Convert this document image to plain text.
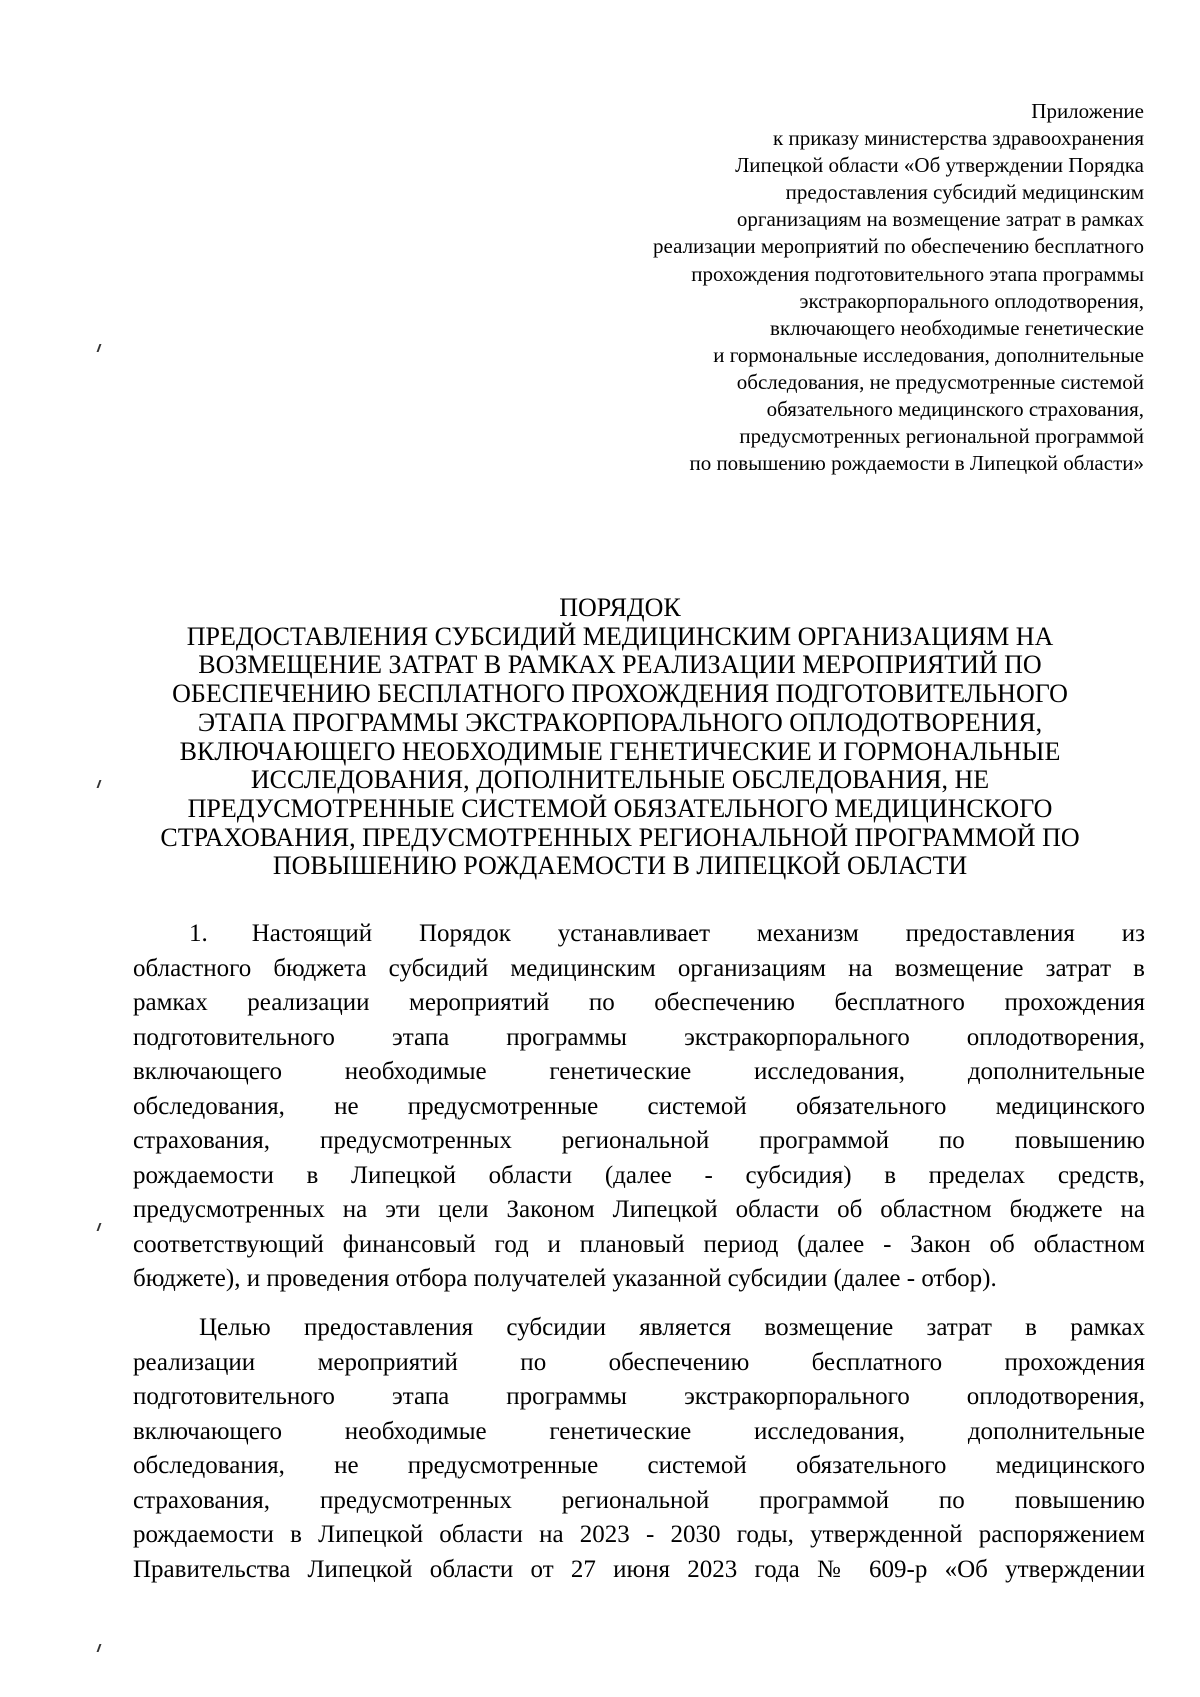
Приложение
к приказу министерства здравоохранения
Липецкой области «Об утверждении Порядка
предоставления субсидий медицинским
организациям на возмещение затрат в рамках
реализации мероприятий по обеспечению бесплатного
прохождения подготовительного этапа программы
экстракорпорального оплодотворения,
включающего необходимые генетические
и гормональные исследования, дополнительные
обследования, не предусмотренные системой
обязательного медицинского страхования,
предусмотренных региональной программой
по повышению рождаемости в Липецкой области»
ПОРЯДОК
ПРЕДОСТАВЛЕНИЯ СУБСИДИЙ МЕДИЦИНСКИМ ОРГАНИЗАЦИЯМ НА
ВОЗМЕЩЕНИЕ ЗАТРАТ В РАМКАХ РЕАЛИЗАЦИИ МЕРОПРИЯТИЙ ПО
ОБЕСПЕЧЕНИЮ БЕСПЛАТНОГО ПРОХОЖДЕНИЯ ПОДГОТОВИТЕЛЬНОГО
ЭТАПА ПРОГРАММЫ ЭКСТРАКОРПОРАЛЬНОГО ОПЛОДОТВОРЕНИЯ,
ВКЛЮЧАЮЩЕГО НЕОБХОДИМЫЕ ГЕНЕТИЧЕСКИЕ И ГОРМОНАЛЬНЫЕ
ИССЛЕДОВАНИЯ, ДОПОЛНИТЕЛЬНЫЕ ОБСЛЕДОВАНИЯ, НЕ
ПРЕДУСМОТРЕННЫЕ СИСТЕМОЙ ОБЯЗАТЕЛЬНОГО МЕДИЦИНСКОГО
СТРАХОВАНИЯ, ПРЕДУСМОТРЕННЫХ РЕГИОНАЛЬНОЙ ПРОГРАММОЙ ПО
ПОВЫШЕНИЮ РОЖДАЕМОСТИ В ЛИПЕЦКОЙ ОБЛАСТИ
1. Настоящий Порядок устанавливает механизм предоставления из
областного бюджета субсидий медицинским организациям на возмещение затрат в
рамках реализации мероприятий по обеспечению бесплатного прохождения
подготовительного этапа программы экстракорпорального оплодотворения,
включающего необходимые генетические исследования, дополнительные
обследования, не предусмотренные системой обязательного медицинского
страхования, предусмотренных региональной программой по повышению
рождаемости в Липецкой области (далее - субсидия) в пределах средств,
предусмотренных на эти цели Законом Липецкой области об областном бюджете на
соответствующий финансовый год и плановый период (далее - Закон об областном
бюджете), и проведения отбора получателей указанной субсидии (далее - отбор).
Целью предоставления субсидии является возмещение затрат в рамках
реализации мероприятий по обеспечению бесплатного прохождения
подготовительного этапа программы экстракорпорального оплодотворения,
включающего необходимые генетические исследования, дополнительные
обследования, не предусмотренные системой обязательного медицинского
страхования, предусмотренных региональной программой по повышению
рождаемости в Липецкой области на 2023 - 2030 годы, утвержденной распоряжением
Правительства Липецкой области от 27 июня 2023 года № 609-р «Об утверждении
